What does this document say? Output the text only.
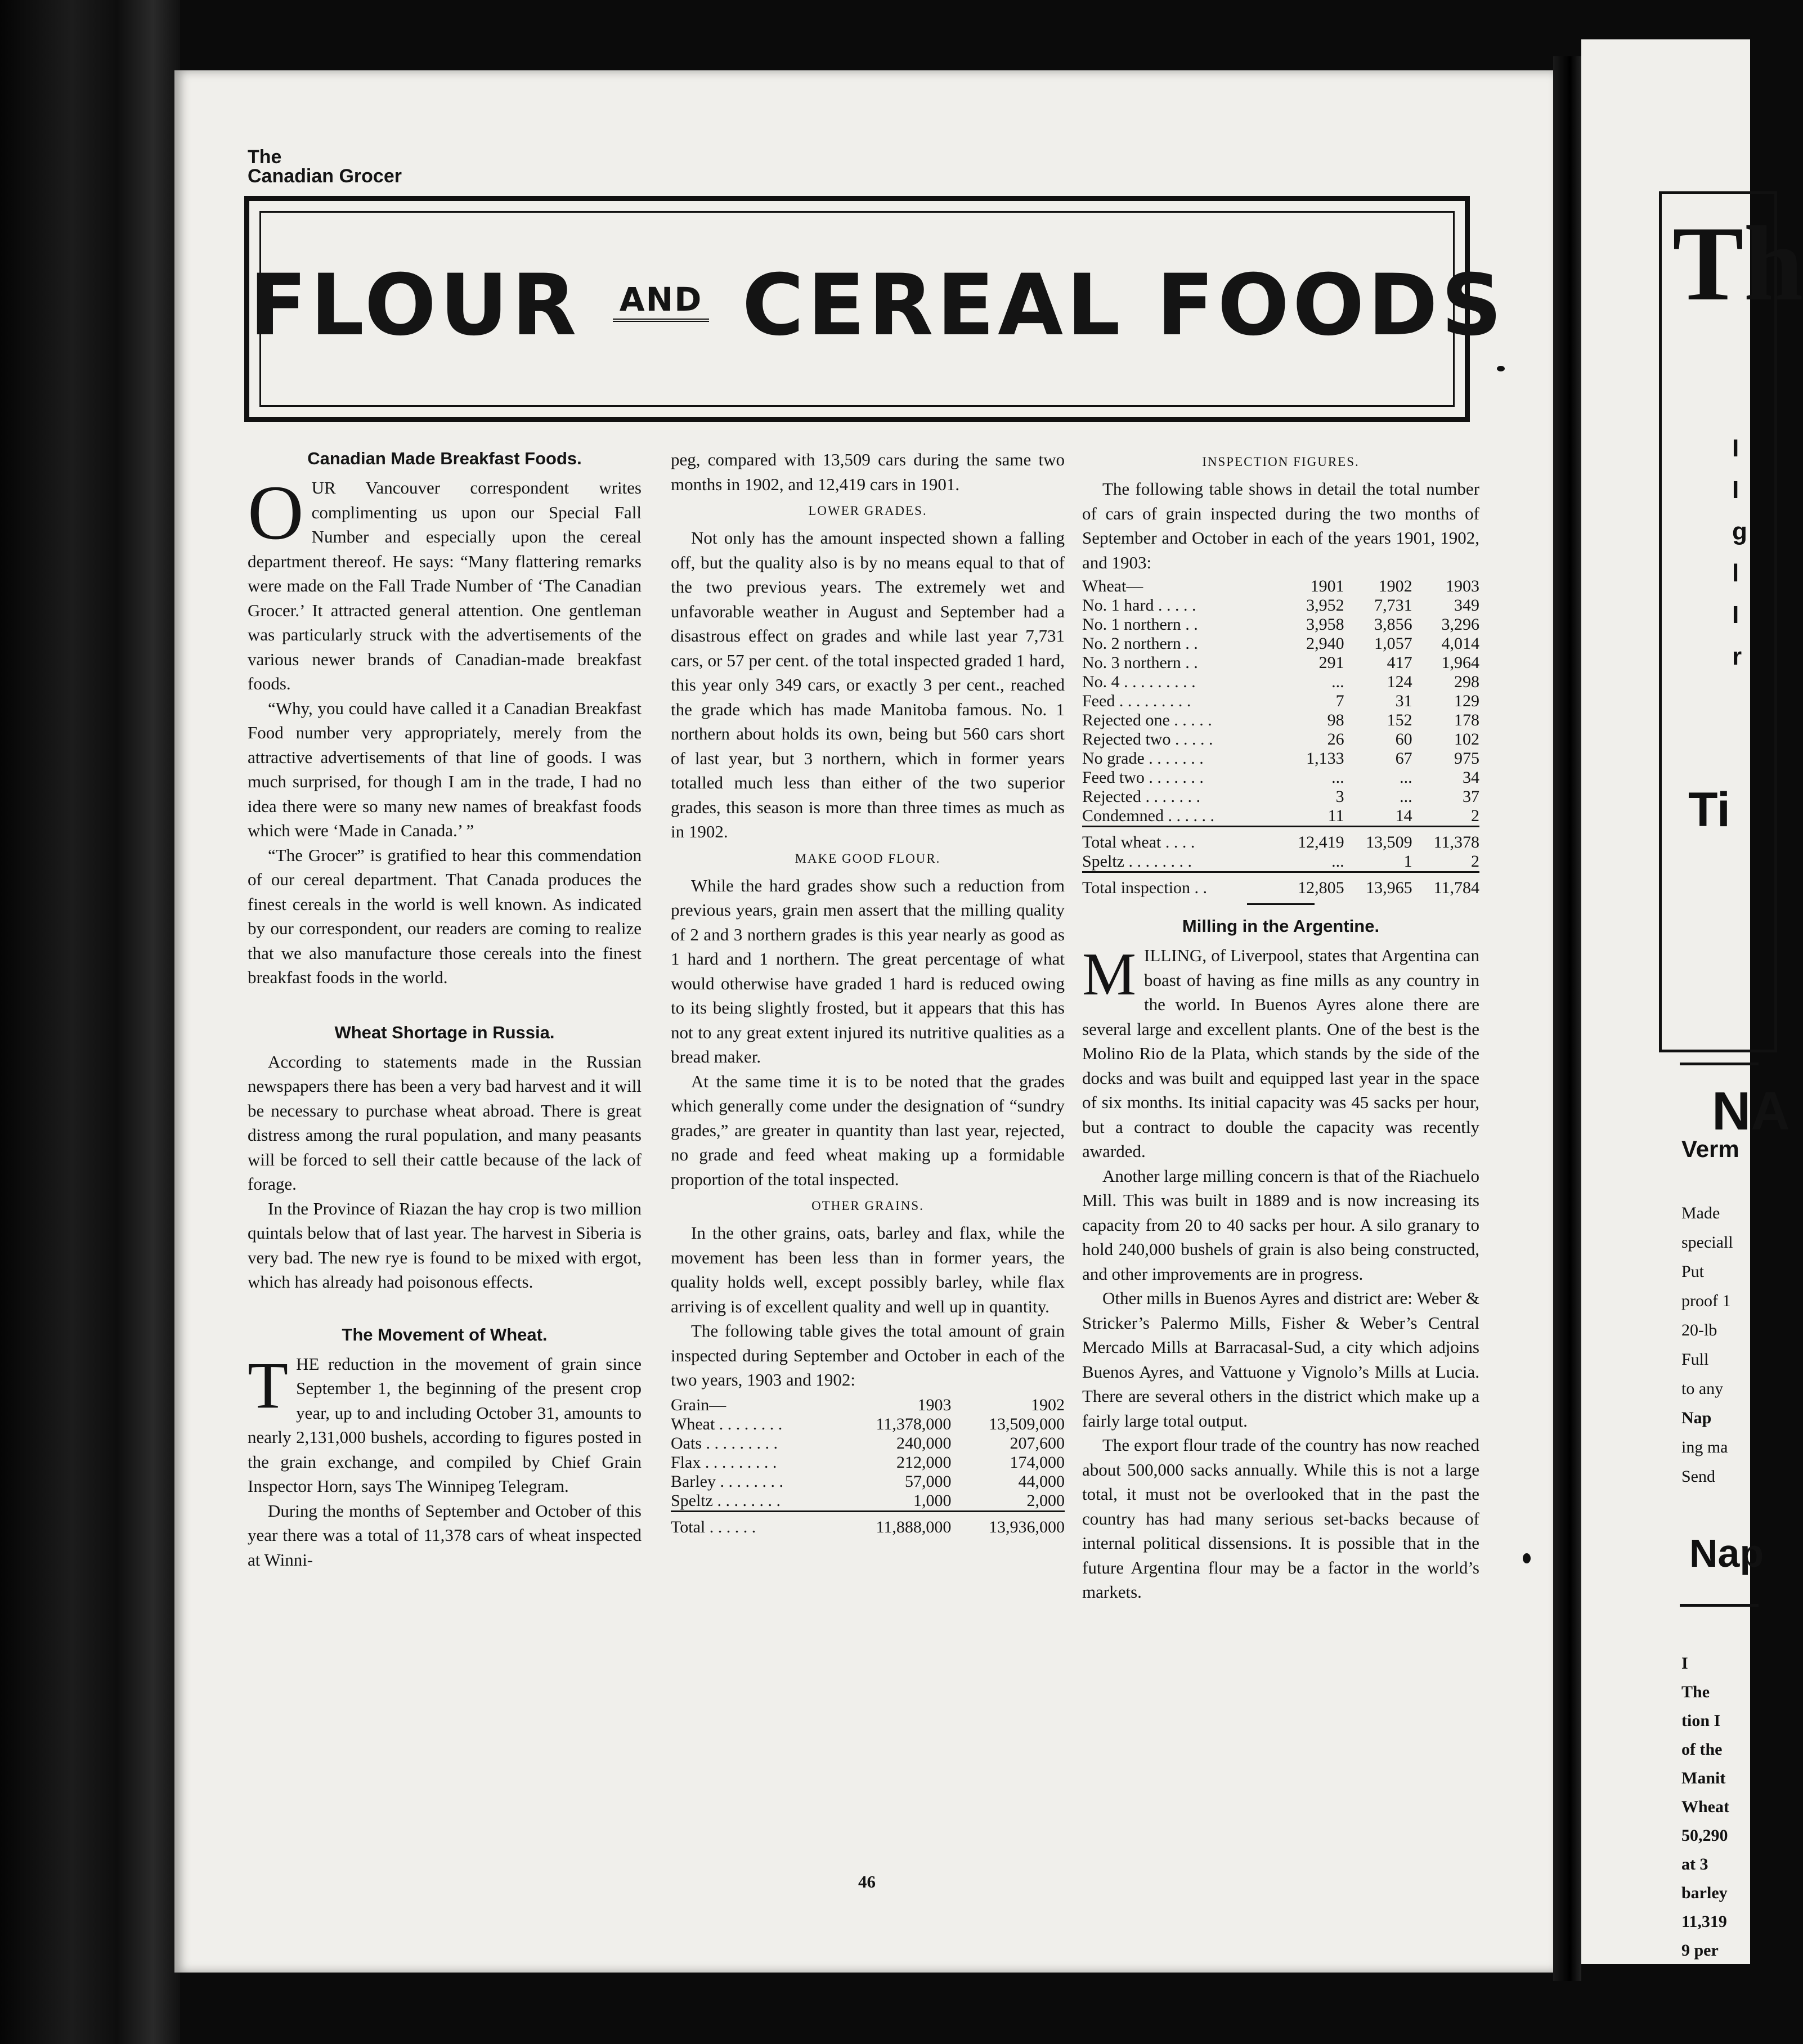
The
Canadian Grocer
FLOUR $^{AND}$ CEREAL FOODS
Canadian Made Breakfast Foods.

OUR Vancouver correspondent writes complimenting us upon our Special Fall Number and especially upon the cereal department thereof. He says: “Many flattering remarks were made on the Fall Trade Number of ‘The Canadian Grocer.’ It attracted general attention. One gentleman was particularly struck with the advertisements of the various newer brands of Canadian-made breakfast foods.

“Why, you could have called it a Canadian Breakfast Food number very appropriately, merely from the attractive advertisements of that line of goods. I was much surprised, for though I am in the trade, I had no idea there were so many new names of breakfast foods which were ‘Made in Canada.’ ”

“The Grocer” is gratified to hear this commendation of our cereal department. That Canada produces the finest cereals in the world is well known. As indicated by our correspondent, our readers are coming to realize that we also manufacture those cereals into the finest breakfast foods in the world.

Wheat Shortage in Russia.

According to statements made in the Russian newspapers there has been a very bad harvest and it will be necessary to purchase wheat abroad. There is great distress among the rural population, and many peasants will be forced to sell their cattle because of the lack of forage.

In the Province of Riazan the hay crop is two million quintals below that of last year. The harvest in Siberia is very bad. The new rye is found to be mixed with ergot, which has already had poisonous effects.

The Movement of Wheat.

THE reduction in the movement of grain since September 1, the beginning of the present crop year, up to and including October 31, amounts to nearly 2,131,000 bushels, according to figures posted in the grain exchange, and compiled by Chief Grain Inspector Horn, says The Winnipeg Telegram.

During the months of September and October of this year there was a total of 11,378 cars of wheat inspected at Winni-

peg, compared with 13,509 cars during the same two months in 1902, and 12,419 cars in 1901.

LOWER GRADES.

Not only has the amount inspected shown a falling off, but the quality also is by no means equal to that of the two previous years. The extremely wet and unfavorable weather in August and September had a disastrous effect on grades and while last year 7,731 cars, or 57 per cent. of the total inspected graded 1 hard, this year only 349 cars, or exactly 3 per cent., reached the grade which has made Manitoba famous. No. 1 northern about holds its own, being but 560 cars short of last year, but 3 northern, which in former years totalled much less than either of the two superior grades, this season is more than three times as much as in 1902.

MAKE GOOD FLOUR.

While the hard grades show such a reduction from previous years, grain men assert that the milling quality of 2 and 3 northern grades is this year nearly as good as 1 hard and 1 northern. The great percentage of what would otherwise have graded 1 hard is reduced owing to its being slightly frosted, but it appears that this has not to any great extent injured its nutritive qualities as a bread maker.

At the same time it is to be noted that the grades which generally come under the designation of “sundry grades,” are greater in quantity than last year, rejected, no grade and feed wheat making up a formidable proportion of the total inspected.

OTHER GRAINS.

In the other grains, oats, barley and flax, while the movement has been less than in former years, the quality holds well, except possibly barley, while flax arriving is of excellent quality and well up in quantity.

The following table gives the total amount of grain inspected during September and October in each of the two years, 1903 and 1902:

Grain—	1903	1902
Wheat . . . . . . . .	11,378,000	13,509,000
Oats . . . . . . . . .	240,000	207,600
Flax . . . . . . . . .	212,000	174,000
Barley . . . . . . . .	57,000	44,000
Speltz . . . . . . . .	1,000	2,000
Total . . . . . .	11,888,000	13,936,000
INSPECTION FIGURES.

The following table shows in detail the total number of cars of grain inspected during the two months of September and October in each of the years 1901, 1902, and 1903:

Wheat—	1901	1902	1903
No. 1 hard . . . . .	3,952	7,731	349
No. 1 northern . .	3,958	3,856	3,296
No. 2 northern . .	2,940	1,057	4,014
No. 3 northern . .	291	417	1,964
No. 4 . . . . . . . . .	...	124	298
Feed . . . . . . . . .	7	31	129
Rejected one . . . . .	98	152	178
Rejected two . . . . .	26	60	102
No grade . . . . . . .	1,133	67	975
Feed two . . . . . . .	...	...	34
Rejected . . . . . . .	3	...	37
Condemned . . . . . .	11	14	2
Total wheat . . . .	12,419	13,509	11,378
Speltz . . . . . . . .	...	1	2
Total inspection . .	12,805	13,965	11,784
Milling in the Argentine.

MILLING, of Liverpool, states that Argentina can boast of having as fine mills as any country in the world. In Buenos Ayres alone there are several large and excellent plants. One of the best is the Molino Rio de la Plata, which stands by the side of the docks and was built and equipped last year in the space of six months. Its initial capacity was 45 sacks per hour, but a contract to double the capacity was recently awarded.

Another large milling concern is that of the Riachuelo Mill. This was built in 1889 and is now increasing its capacity from 20 to 40 sacks per hour. A silo granary to hold 240,000 bushels of grain is also being constructed, and other improvements are in progress.

Other mills in Buenos Ayres and district are: Weber & Stricker’s Palermo Mills, Fisher & Weber’s Central Mercado Mills at Barracasal-Sud, a city which adjoins Buenos Ayres, and Vattuone y Vignolo’s Mills at Lucia. There are several others in the district which make up a fairly large total output.

The export flour trade of the country has now reached about 500,000 sacks annually. While this is not a large total, it must not be overlooked that in the past the country has had many serious set-backs because of internal political dissensions. It is possible that in the future Argentina flour may be a factor in the world’s markets.

46
Th
I
I
g
l
I
r
Ti
NA
Verm
Made
speciall
Put
proof 1
20-lb
Full
to any
Nap
ing ma
Send
Nap
I
The
tion I
of the
Manit
Wheat
50,290
at 3
barley
11,319
9 per
